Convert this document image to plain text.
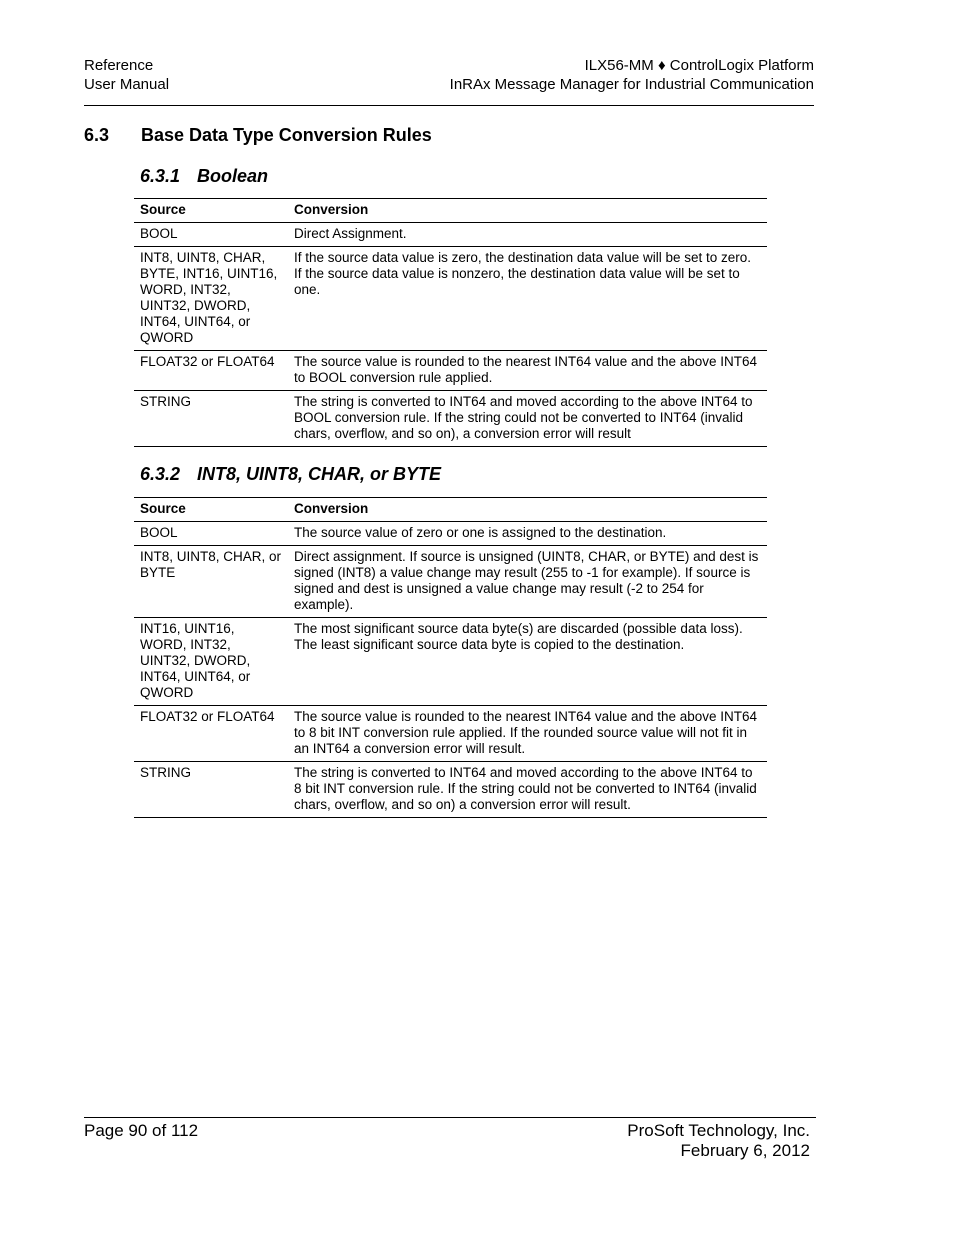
Reference
User Manual
ILX56-MM ♦ ControlLogix Platform
InRAx Message Manager for Industrial Communication
6.3 Base Data Type Conversion Rules
6.3.1 Boolean
Source	Conversion
BOOL	Direct Assignment.
INT8, UINT8, CHAR, BYTE, INT16, UINT16, WORD, INT32, UINT32, DWORD, INT64, UINT64, or QWORD	If the source data value is zero, the destination data value will be set to zero. If the source data value is nonzero, the destination data value will be set to one.
FLOAT32 or FLOAT64	The source value is rounded to the nearest INT64 value and the above INT64 to BOOL conversion rule applied.
STRING	The string is converted to INT64 and moved according to the above INT64 to BOOL conversion rule. If the string could not be converted to INT64 (invalid chars, overflow, and so on), a conversion error will result
6.3.2 INT8, UINT8, CHAR, or BYTE
Source	Conversion
BOOL	The source value of zero or one is assigned to the destination.
INT8, UINT8, CHAR, or BYTE	Direct assignment. If source is unsigned (UINT8, CHAR, or BYTE) and dest is signed (INT8) a value change may result (255 to -1 for example). If source is signed and dest is unsigned a value change may result (-2 to 254 for example).
INT16, UINT16, WORD, INT32, UINT32, DWORD, INT64, UINT64, or QWORD	The most significant source data byte(s) are discarded (possible data loss). The least significant source data byte is copied to the destination.
FLOAT32 or FLOAT64	The source value is rounded to the nearest INT64 value and the above INT64 to 8 bit INT conversion rule applied. If the rounded source value will not fit in an INT64 a conversion error will result.
STRING	The string is converted to INT64 and moved according to the above INT64 to 8 bit INT conversion rule. If the string could not be converted to INT64 (invalid chars, overflow, and so on) a conversion error will result.
Page 90 of 112	ProSoft Technology, Inc.
February 6, 2012
